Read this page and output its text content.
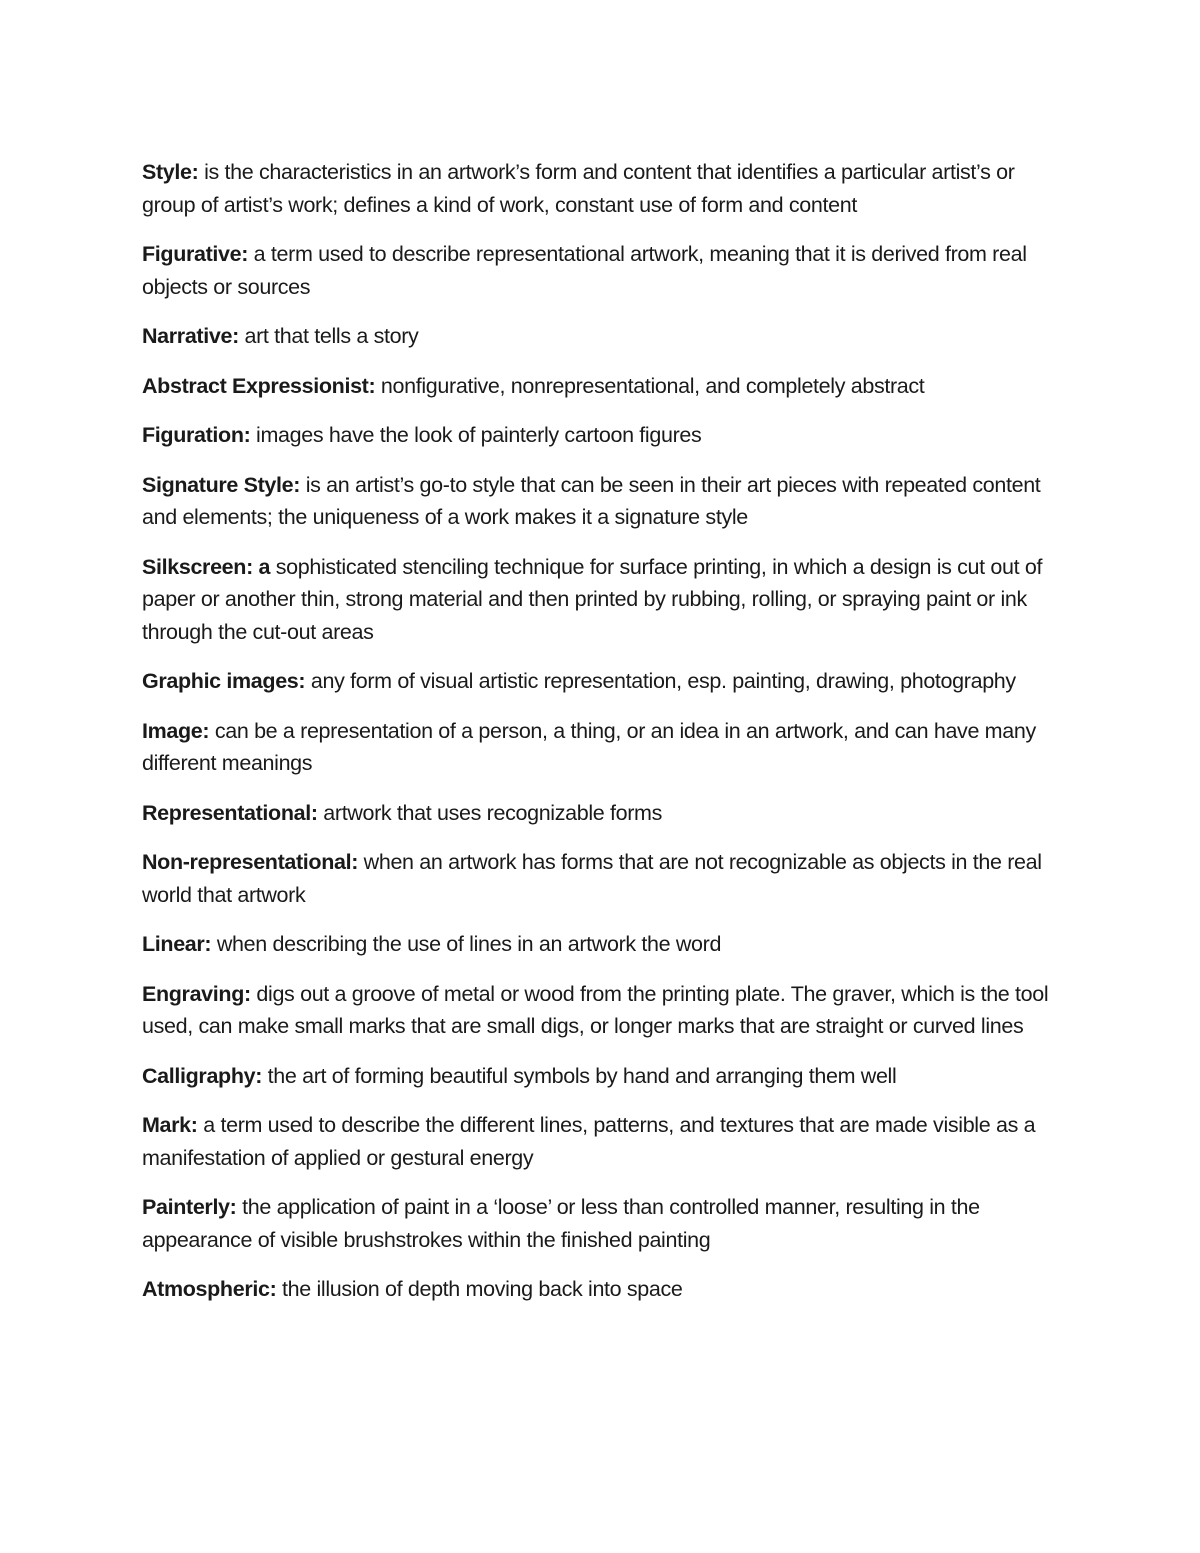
Style: is the characteristics in an artwork’s form and content that identifies a particular artist’s or group of artist’s work; defines a kind of work, constant use of form and content

Figurative: a term used to describe representational artwork, meaning that it is derived from real objects or sources

Narrative: art that tells a story

Abstract Expressionist: nonfigurative, nonrepresentational, and completely abstract

Figuration: images have the look of painterly cartoon figures

Signature Style: is an artist’s go-to style that can be seen in their art pieces with repeated content and elements; the uniqueness of a work makes it a signature style

Silkscreen: a sophisticated stenciling technique for surface printing, in which a design is cut out of paper or another thin, strong material and then printed by rubbing, rolling, or spraying paint or ink through the cut-out areas

Graphic images: any form of visual artistic representation, esp. painting, drawing, photography

Image: can be a representation of a person, a thing, or an idea in an artwork, and can have many different meanings

Representational: artwork that uses recognizable forms

Non-representational: when an artwork has forms that are not recognizable as objects in the real world that artwork

Linear: when describing the use of lines in an artwork the word

Engraving: digs out a groove of metal or wood from the printing plate. The graver, which is the tool used, can make small marks that are small digs, or longer marks that are straight or curved lines

Calligraphy: the art of forming beautiful symbols by hand and arranging them well

Mark: a term used to describe the different lines, patterns, and textures that are made visible as a manifestation of applied or gestural energy

Painterly: the application of paint in a ‘loose’ or less than controlled manner, resulting in the appearance of visible brushstrokes within the finished painting

Atmospheric: the illusion of depth moving back into space
